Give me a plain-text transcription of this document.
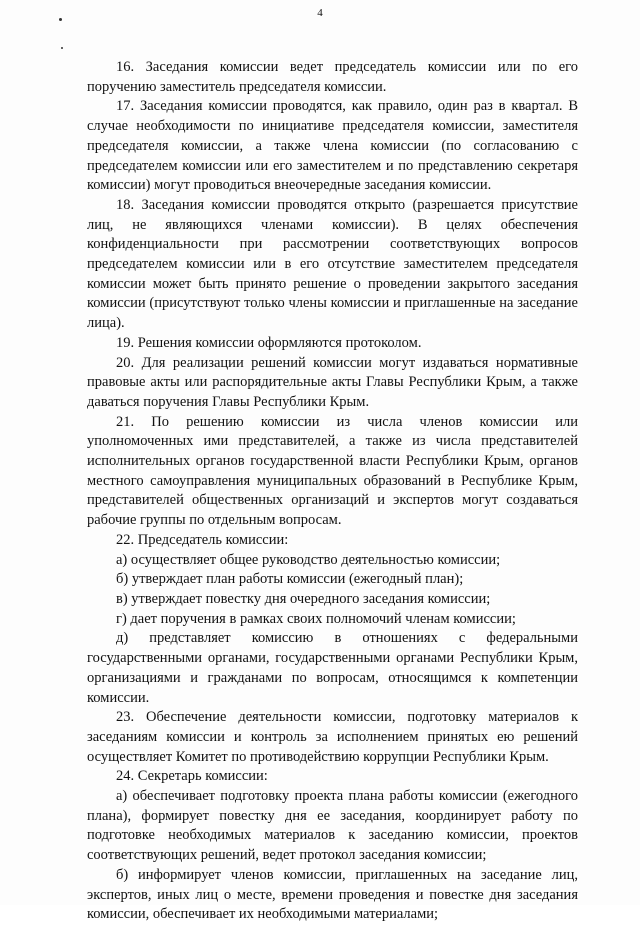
4

16. Заседания комиссии ведет председатель комиссии или по его поручению заместитель председателя комиссии.

17. Заседания комиссии проводятся, как правило, один раз в квартал. В случае необходимости по инициативе председателя комиссии, заместителя председателя комиссии, а также члена комиссии (по согласованию с председателем комиссии или его заместителем и по представлению секретаря комиссии) могут проводиться внеочередные заседания комиссии.

18. Заседания комиссии проводятся открыто (разрешается присутствие лиц, не являющихся членами комиссии). В целях обеспечения конфиденциальности при рассмотрении соответствующих вопросов председателем комиссии или в его отсутствие заместителем председателя комиссии может быть принято решение о проведении закрытого заседания комиссии (присутствуют только члены комиссии и приглашенные на заседание лица).

19. Решения комиссии оформляются протоколом.

20. Для реализации решений комиссии могут издаваться нормативные правовые акты или распорядительные акты Главы Республики Крым, а также даваться поручения Главы Республики Крым.

21. По решению комиссии из числа членов комиссии или уполномоченных ими представителей, а также из числа представителей исполнительных органов государственной власти Республики Крым, органов местного самоуправления муниципальных образований в Республике Крым, представителей общественных организаций и экспертов могут создаваться рабочие группы по отдельным вопросам.

22. Председатель комиссии:

а) осуществляет общее руководство деятельностью комиссии;

б) утверждает план работы комиссии (ежегодный план);

в) утверждает повестку дня очередного заседания комиссии;

г) дает поручения в рамках своих полномочий членам комиссии;

д) представляет комиссию в отношениях с федеральными государственными органами, государственными органами Республики Крым, организациями и гражданами по вопросам, относящимся к компетенции комиссии.

23. Обеспечение деятельности комиссии, подготовку материалов к заседаниям комиссии и контроль за исполнением принятых ею решений осуществляет Комитет по противодействию коррупции Республики Крым.

24. Секретарь комиссии:

а) обеспечивает подготовку проекта плана работы комиссии (ежегодного плана), формирует повестку дня ее заседания, координирует работу по подготовке необходимых материалов к заседанию комиссии, проектов соответствующих решений, ведет протокол заседания комиссии;

б) информирует членов комиссии, приглашенных на заседание лиц, экспертов, иных лиц о месте, времени проведения и повестке дня заседания комиссии, обеспечивает их необходимыми материалами;
